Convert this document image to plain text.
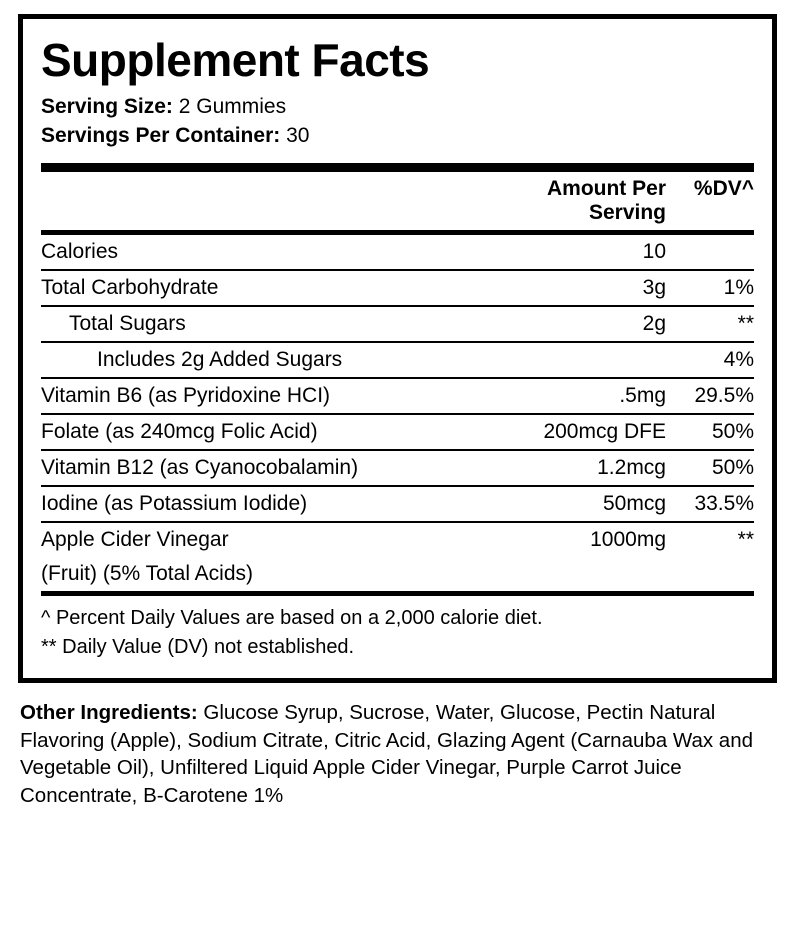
Supplement Facts
Serving Size: 2 Gummies
Servings Per Container: 30
	Amount Per Serving	%DV^
Calories	10	
Total Carbohydrate	3g	1%
Total Sugars	2g	**
Includes 2g Added Sugars		4%
Vitamin B6 (as Pyridoxine HCI)	.5mg	29.5%
Folate (as 240mcg Folic Acid)	200mcg DFE	50%
Vitamin B12 (as Cyanocobalamin)	1.2mcg	50%
Iodine (as Potassium Iodide)	50mcg	33.5%
Apple Cider Vinegar	1000mg	**
(Fruit) (5% Total Acids)		
^ Percent Daily Values are based on a 2,000 calorie diet.
** Daily Value (DV) not established.
Other Ingredients: Glucose Syrup, Sucrose, Water, Glucose, Pectin Natural Flavoring (Apple), Sodium Citrate, Citric Acid, Glazing Agent (Carnauba Wax and Vegetable Oil), Unfiltered Liquid Apple Cider Vinegar, Purple Carrot Juice Concentrate, B-Carotene 1%
